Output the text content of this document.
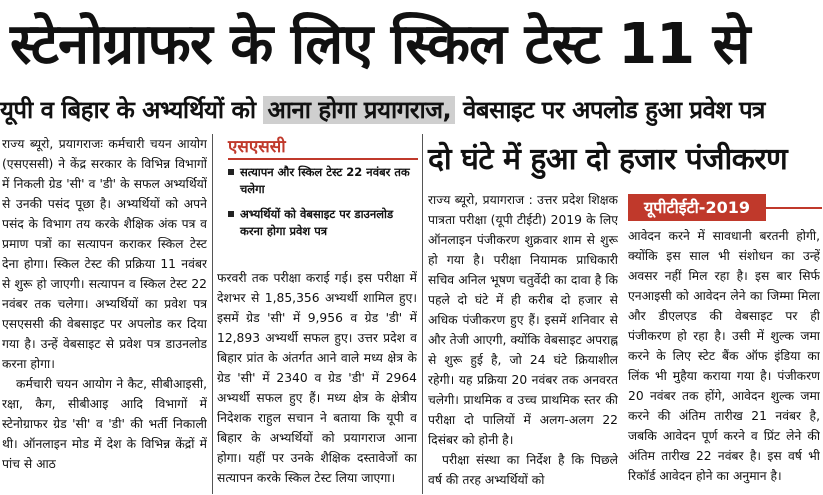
स्टेनोग्राफर के लिए स्किल टेस्ट 11 से
यूपी व बिहार के अभ्यर्थियों को आना होगा प्रयागराज, वेबसाइट पर अपलोड हुआ प्रवेश पत्र

राज्य ब्यूरो, प्रयागराजः कर्मचारी चयन आयोग (एसएससी) ने केंद्र सरकार के विभिन्न विभागों में निकली ग्रेड 'सी' व 'डी' के सफल अभ्यर्थियों से उनकी पसंद पूछा है। अभ्यर्थियों को अपने पसंद के विभाग तय करके शैक्षिक अंक पत्र व प्रमाण पत्रों का सत्यापन कराकर स्किल टेस्ट देना होगा। स्किल टेस्ट की प्रक्रिया 11 नवंबर से शुरू हो जाएगी। सत्यापन व स्किल टेस्ट 22 नवंबर तक चलेगा। अभ्यर्थियों का प्रवेश पत्र एसएससी की वेबसाइट पर अपलोड कर दिया गया है। उन्हें वेबसाइट से प्रवेश पत्र डाउनलोड करना होगा।

कर्मचारी चयन आयोग ने कैट, सीबीआइसी, रक्षा, कैग, सीबीआइ आदि विभागों में स्टेनोग्राफर ग्रेड 'सी' व 'डी' की भर्ती निकाली थी। ऑनलाइन मोड में देश के विभिन्न केंद्रों में पांच से आठ

एसएससी
सत्यापन और स्किल टेस्ट 22 नवंबर तक चलेगा
अभ्यर्थियों को वेबसाइट पर डाउनलोड करना होगा प्रवेश पत्र

फरवरी तक परीक्षा कराई गई। इस परीक्षा में देशभर से 1,85,356 अभ्यर्थी शामिल हुए। इसमें ग्रेड 'सी' में 9,956 व ग्रेड 'डी' में 12,893 अभ्यर्थी सफल हुए। उत्तर प्रदेश व बिहार प्रांत के अंतर्गत आने वाले मध्य क्षेत्र के ग्रेड 'सी' में 2340 व ग्रेड 'डी' में 2964 अभ्यर्थी सफल हुए हैं। मध्य क्षेत्र के क्षेत्रीय निदेशक राहुल सचान ने बताया कि यूपी व बिहार के अभ्यर्थियों को प्रयागराज आना होगा। यहीं पर उनके शैक्षिक दस्तावेजों का सत्यापन करके स्किल टेस्ट लिया जाएगा।

दो घंटे में हुआ दो हजार पंजीकरण

राज्य ब्यूरो, प्रयागराज : उत्तर प्रदेश शिक्षक पात्रता परीक्षा (यूपी टीईटी) 2019 के लिए ऑनलाइन पंजीकरण शुक्रवार शाम से शुरू हो गया है। परीक्षा नियामक प्राधिकारी सचिव अनिल भूषण चतुर्वेदी का दावा है कि पहले दो घंटे में ही करीब दो हजार से अधिक पंजीकरण हुए हैं। इसमें शनिवार से और तेजी आएगी, क्योंकि वेबसाइट अपराह्न से शुरू हुई है, जो 24 घंटे क्रियाशील रहेगी। यह प्रक्रिया 20 नवंबर तक अनवरत चलेगी। प्राथमिक व उच्च प्राथमिक स्तर की परीक्षा दो पालियों में अलग-अलग 22 दिसंबर को होनी है।

परीक्षा संस्था का निर्देश है कि पिछले वर्ष की तरह अभ्यर्थियों को

यूपीटीईटी-2019

आवेदन करने में सावधानी बरतनी होगी, क्योंकि इस साल भी संशोधन का उन्हें अवसर नहीं मिल रहा है। इस बार सिर्फ एनआइसी को आवेदन लेने का जिम्मा मिला और डीएलएड की वेबसाइट पर ही पंजीकरण हो रहा है। उसी में शुल्क जमा करने के लिए स्टेट बैंक ऑफ इंडिया का लिंक भी मुहैया कराया गया है। पंजीकरण 20 नवंबर तक होंगे, आवेदन शुल्क जमा करने की अंतिम तारीख 21 नवंबर है, जबकि आवेदन पूर्ण करने व प्रिंट लेने की अंतिम तारीख 22 नवंबर है। इस वर्ष भी रिकॉर्ड आवेदन होने का अनुमान है।
